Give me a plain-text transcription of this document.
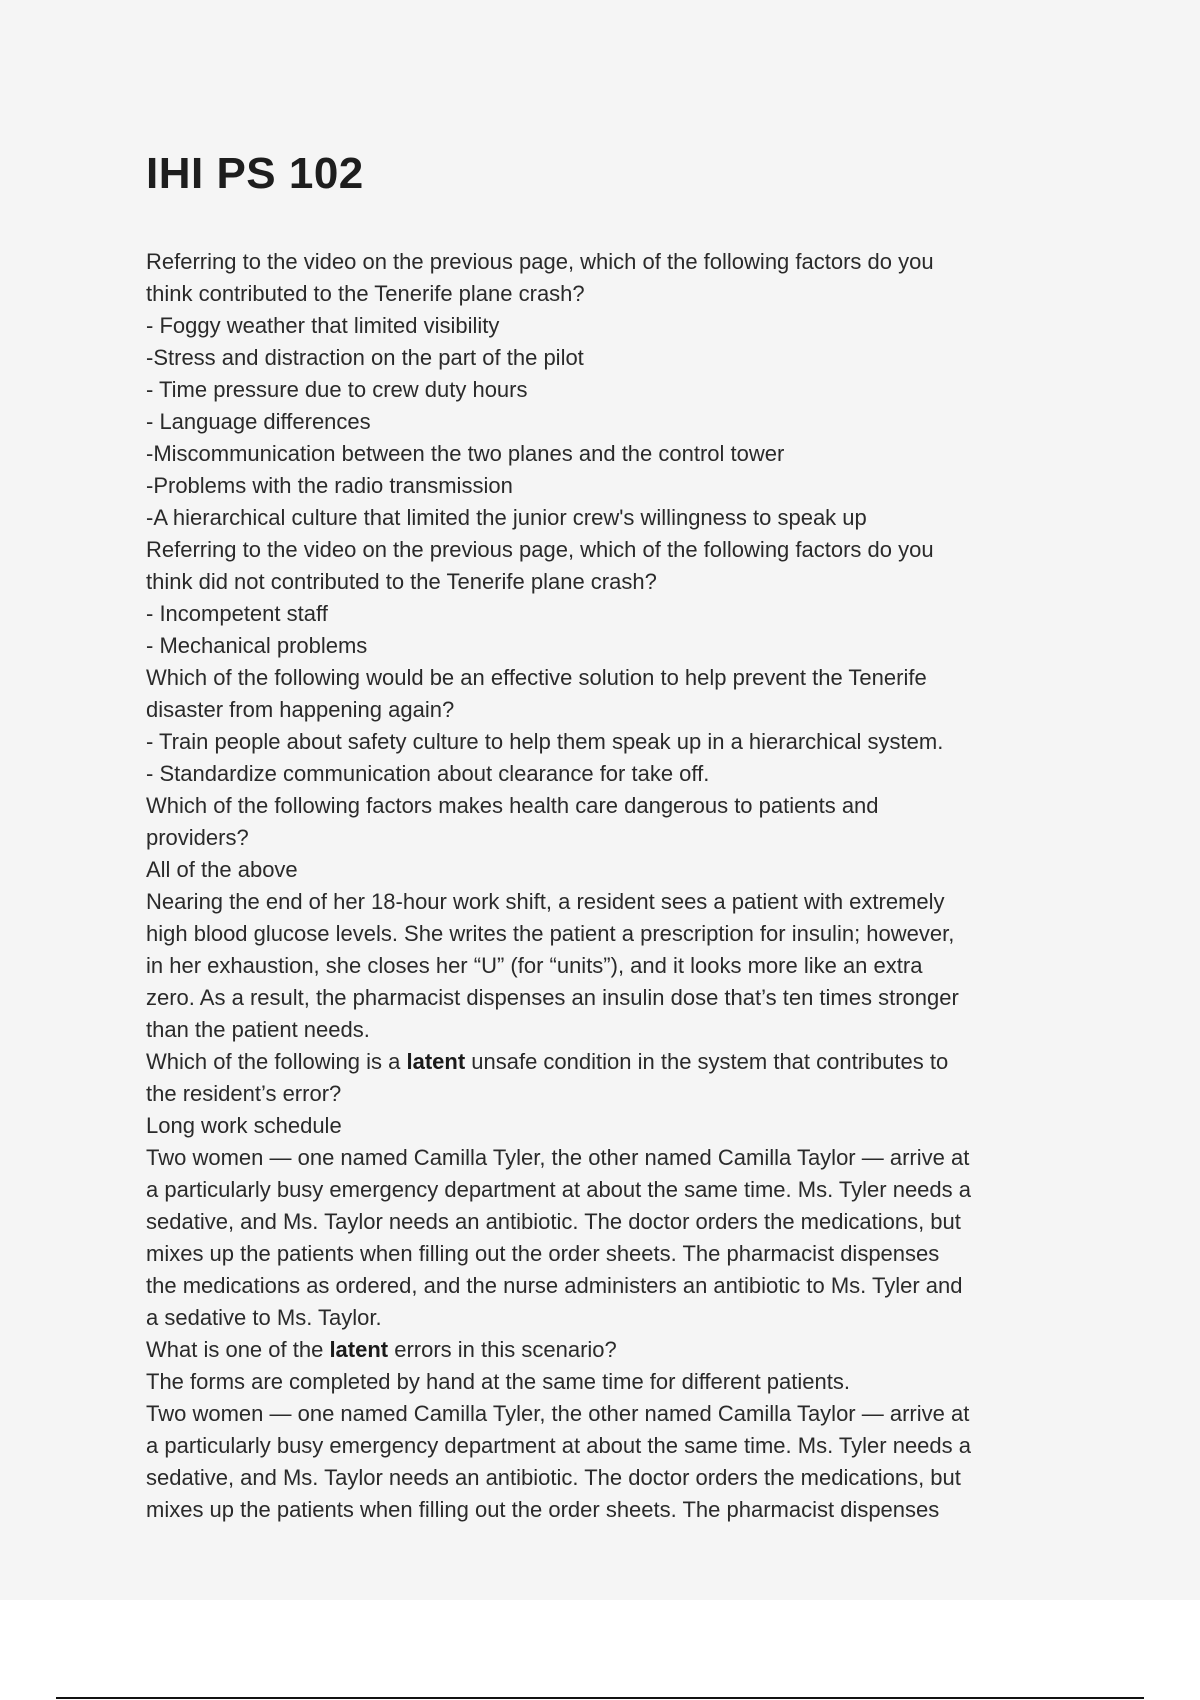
IHI PS 102

Referring to the video on the previous page, which of the following factors do you

think contributed to the Tenerife plane crash?

- Foggy weather that limited visibility

-Stress and distraction on the part of the pilot

- Time pressure due to crew duty hours

- Language differences

-Miscommunication between the two planes and the control tower

-Problems with the radio transmission

-A hierarchical culture that limited the junior crew's willingness to speak up

Referring to the video on the previous page, which of the following factors do you

think did not contributed to the Tenerife plane crash?

- Incompetent staff

- Mechanical problems

Which of the following would be an effective solution to help prevent the Tenerife

disaster from happening again?

- Train people about safety culture to help them speak up in a hierarchical system.

- Standardize communication about clearance for take off.

Which of the following factors makes health care dangerous to patients and

providers?

All of the above

Nearing the end of her 18-hour work shift, a resident sees a patient with extremely

high blood glucose levels. She writes the patient a prescription for insulin; however,

in her exhaustion, she closes her “U” (for “units”), and it looks more like an extra

zero. As a result, the pharmacist dispenses an insulin dose that’s ten times stronger

than the patient needs.

Which of the following is a latent unsafe condition in the system that contributes to

the resident’s error?

Long work schedule

Two women — one named Camilla Tyler, the other named Camilla Taylor — arrive at

a particularly busy emergency department at about the same time. Ms. Tyler needs a

sedative, and Ms. Taylor needs an antibiotic. The doctor orders the medications, but

mixes up the patients when filling out the order sheets. The pharmacist dispenses

the medications as ordered, and the nurse administers an antibiotic to Ms. Tyler and

a sedative to Ms. Taylor.

What is one of the latent errors in this scenario?

The forms are completed by hand at the same time for different patients.

Two women — one named Camilla Tyler, the other named Camilla Taylor — arrive at

a particularly busy emergency department at about the same time. Ms. Tyler needs a

sedative, and Ms. Taylor needs an antibiotic. The doctor orders the medications, but

mixes up the patients when filling out the order sheets. The pharmacist dispenses
